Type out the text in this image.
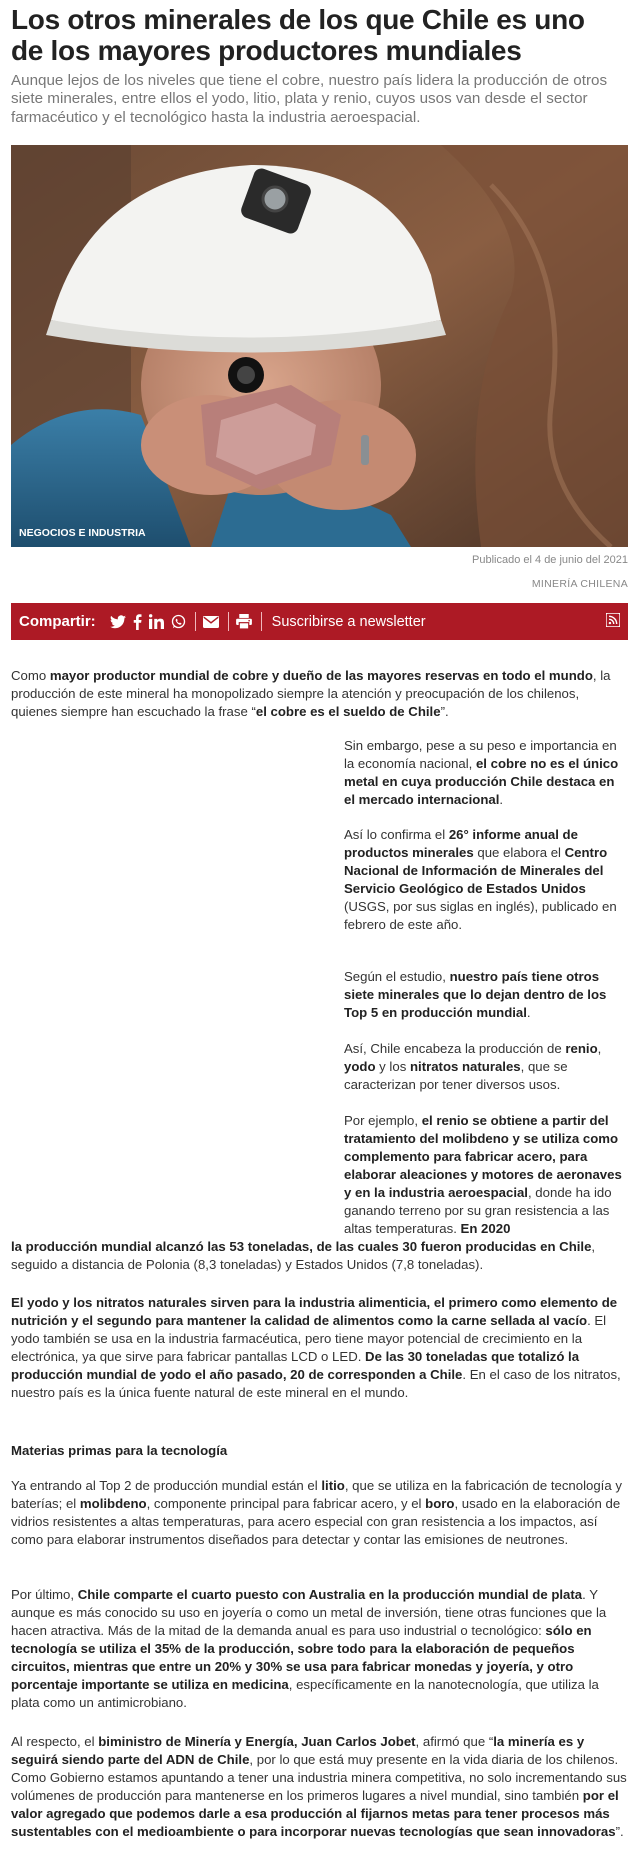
Los otros minerales de los que Chile es uno de los mayores productores mundiales
Aunque lejos de los niveles que tiene el cobre, nuestro país lidera la producción de otros siete minerales, entre ellos el yodo, litio, plata y renio, cuyos usos van desde el sector farmacéutico y el tecnológico hasta la industria aeroespacial.
NEGOCIOS E INDUSTRIA
Publicado el 4 de junio del 2021
MINERÍA CHILENA
Compartir:	Suscribirse a newsletter

Como mayor productor mundial de cobre y dueño de las mayores reservas en todo el mundo, la producción de este mineral ha monopolizado siempre la atención y preocupación de los chilenos, quienes siempre han escuchado la frase “el cobre es el sueldo de Chile”.

Sin embargo, pese a su peso e importancia en la economía nacional, el cobre no es el único metal en cuya producción Chile destaca en el mercado internacional.

Así lo confirma el 26° informe anual de productos minerales que elabora el Centro Nacional de Información de Minerales del Servicio Geológico de Estados Unidos (USGS, por sus siglas en inglés), publicado en febrero de este año.

Según el estudio, nuestro país tiene otros siete minerales que lo dejan dentro de los Top 5 en producción mundial.

Así, Chile encabeza la producción de renio, yodo y los nitratos naturales, que se caracterizan por tener diversos usos.

Por ejemplo, el renio se obtiene a partir del tratamiento del molibdeno y se utiliza como complemento para fabricar acero, para elaborar aleaciones y motores de aeronaves y en la industria aeroespacial, donde ha ido ganando terreno por su gran resistencia a las altas temperaturas. En 2020

la producción mundial alcanzó las 53 toneladas, de las cuales 30 fueron producidas en Chile, seguido a distancia de Polonia (8,3 toneladas) y Estados Unidos (7,8 toneladas).

El yodo y los nitratos naturales sirven para la industria alimenticia, el primero como elemento de nutrición y el segundo para mantener la calidad de alimentos como la carne sellada al vacío. El yodo también se usa en la industria farmacéutica, pero tiene mayor potencial de crecimiento en la electrónica, ya que sirve para fabricar pantallas LCD o LED. De las 30 toneladas que totalizó la producción mundial de yodo el año pasado, 20 de corresponden a Chile. En el caso de los nitratos, nuestro país es la única fuente natural de este mineral en el mundo.

Materias primas para la tecnología

Ya entrando al Top 2 de producción mundial están el litio, que se utiliza en la fabricación de tecnología y baterías; el molibdeno, componente principal para fabricar acero, y el boro, usado en la elaboración de vidrios resistentes a altas temperaturas, para acero especial con gran resistencia a los impactos, así como para elaborar instrumentos diseñados para detectar y contar las emisiones de neutrones.

Por último, Chile comparte el cuarto puesto con Australia en la producción mundial de plata. Y aunque es más conocido su uso en joyería o como un metal de inversión, tiene otras funciones que la hacen atractiva. Más de la mitad de la demanda anual es para uso industrial o tecnológico: sólo en tecnología se utiliza el 35% de la producción, sobre todo para la elaboración de pequeños circuitos, mientras que entre un 20% y 30% se usa para fabricar monedas y joyería, y otro porcentaje importante se utiliza en medicina, específicamente en la nanotecnología, que utiliza la plata como un antimicrobiano.

Al respecto, el biministro de Minería y Energía, Juan Carlos Jobet, afirmó que “la minería es y seguirá siendo parte del ADN de Chile, por lo que está muy presente en la vida diaria de los chilenos. Como Gobierno estamos apuntando a tener una industria minera competitiva, no solo incrementando sus volúmenes de producción para mantenerse en los primeros lugares a nivel mundial, sino también por el valor agregado que podemos darle a esa producción al fijarnos metas para tener procesos más sustentables con el medioambiente o para incorporar nuevas tecnologías que sean innovadoras”.
